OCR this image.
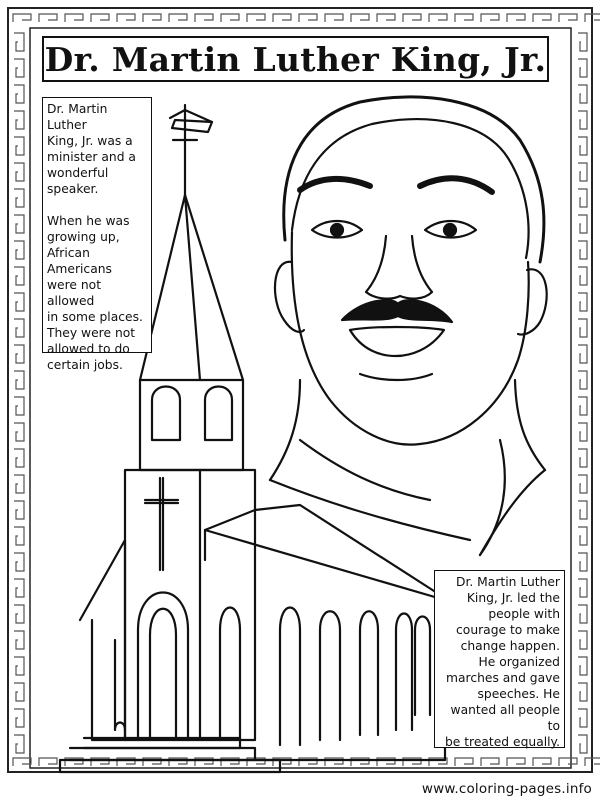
Dr. Martin Luther King, Jr.

Dr. Martin Luther
King, Jr. was a
minister and a
wonderful speaker.

When he was
growing up,
African Americans
were not allowed
in some places.
They were not
allowed to do
certain jobs.

Dr. Martin Luther
King, Jr. led the
people with
courage to make
change happen.
He organized
marches and gave
speeches. He
wanted all people to
be treated equally.

www.coloring-pages.info
